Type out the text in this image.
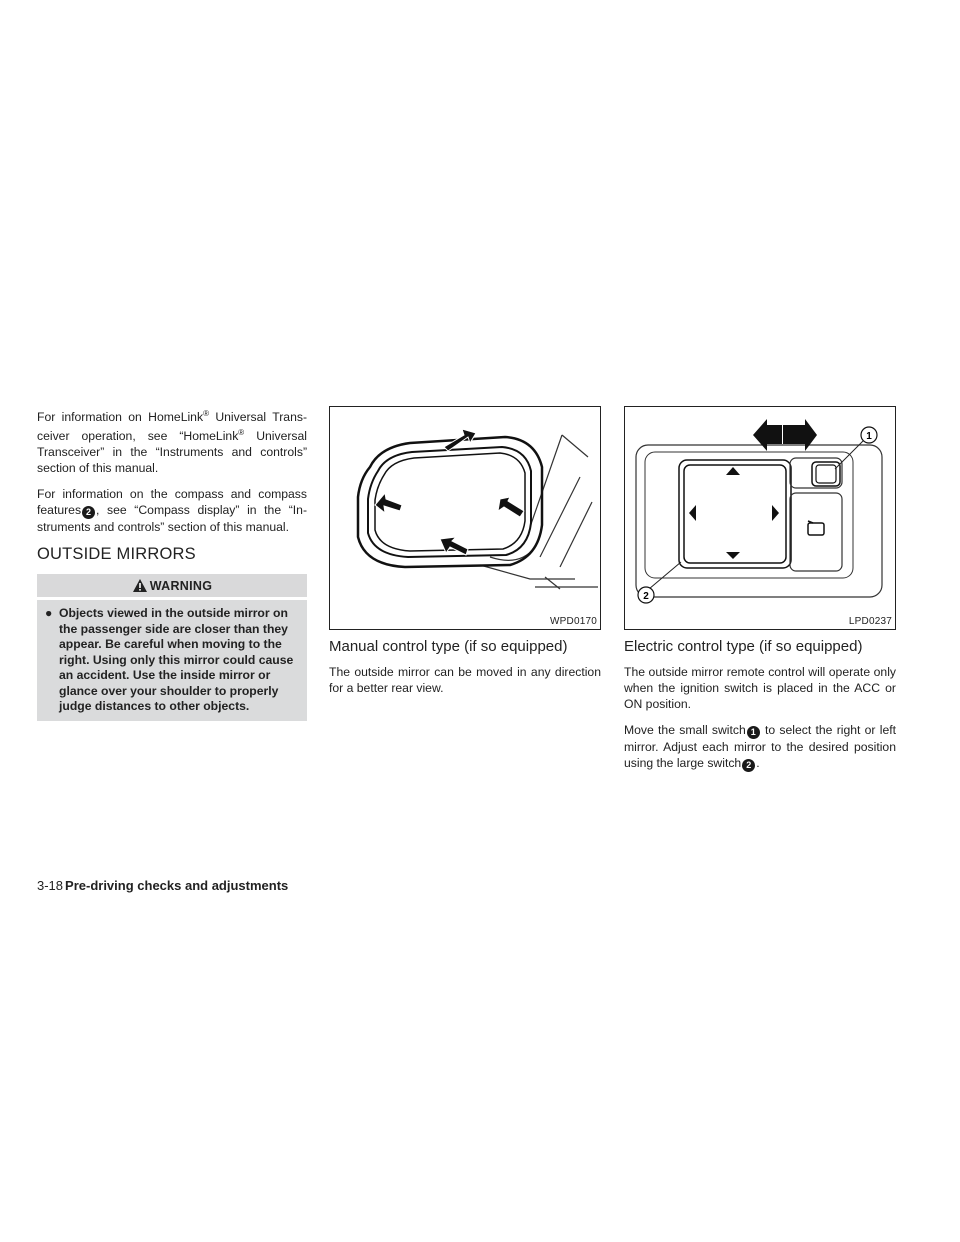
For information on HomeLink® Universal Trans-ceiver operation, see “HomeLink® Universal Transceiver” in the “Instruments and controls” section of this manual.

For information on the compass and compass features 2 , see “Compass display” in the “In-struments and controls” section of this manual.

OUTSIDE MIRRORS
WARNING
● Objects viewed in the outside mirror on the passenger side are closer than they appear. Be careful when moving to the right. Using only this mirror could cause an accident. Use the inside mirror or glance over your shoulder to properly judge distances to other objects.
WPD0170
Manual control type (if so equipped)

The outside mirror can be moved in any direction for a better rear view.

1
2
LPD0237
Electric control type (if so equipped)

The outside mirror remote control will operate only when the ignition switch is placed in the ACC or ON position.

Move the small switch 1 to select the right or left mirror. Adjust each mirror to the desired position using the large switch 2 .

3-18 Pre-driving checks and adjustments
